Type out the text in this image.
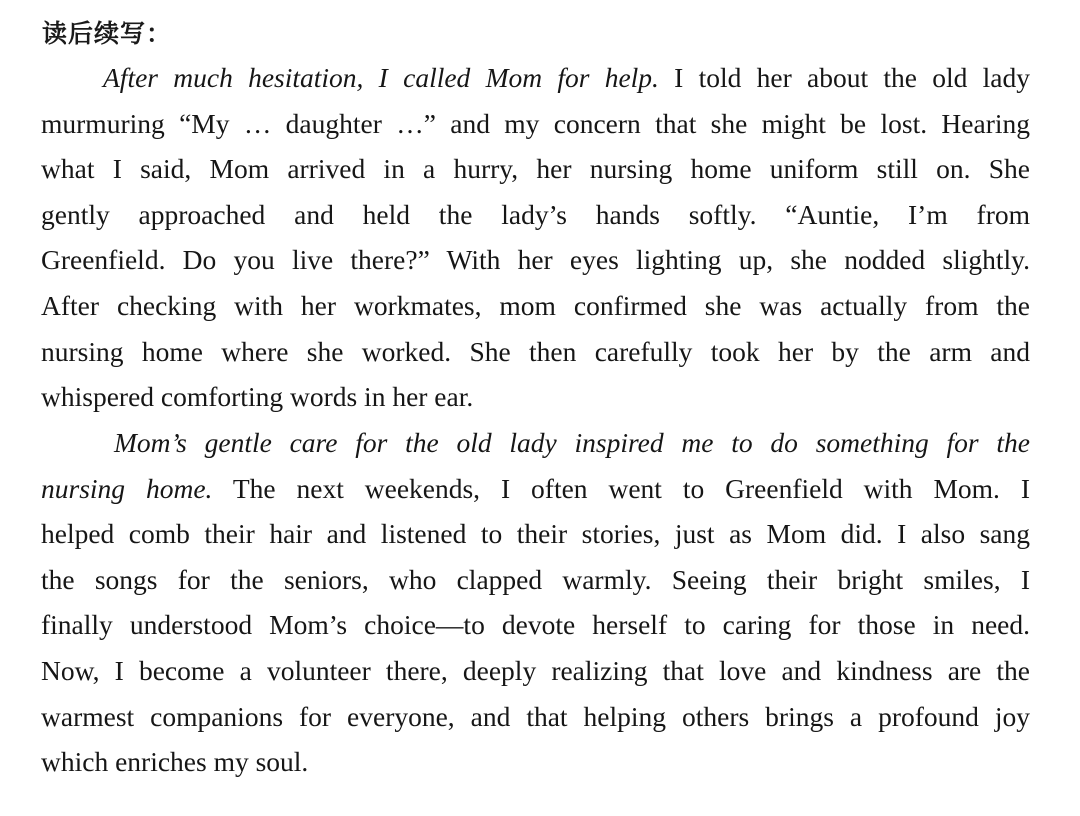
读后续写：
After much hesitation, I called Mom for help. I told her about the old lady
murmuring “My … daughter …” and my concern that she might be lost. Hearing
what I said, Mom arrived in a hurry, her nursing home uniform still on. She
gently approached and held the lady’s hands softly. “Auntie, I’m from
Greenfield. Do you live there?” With her eyes lighting up, she nodded slightly.
After checking with her workmates, mom confirmed she was actually from the
nursing home where she worked. She then carefully took her by the arm and
whispered comforting words in her ear.
Mom’s gentle care for the old lady inspired me to do something for the
nursing home. The next weekends, I often went to Greenfield with Mom. I
helped comb their hair and listened to their stories, just as Mom did. I also sang
the songs for the seniors, who clapped warmly. Seeing their bright smiles, I
finally understood Mom’s choice—to devote herself to caring for those in need.
Now, I become a volunteer there, deeply realizing that love and kindness are the
warmest companions for everyone, and that helping others brings a profound joy
which enriches my soul.
